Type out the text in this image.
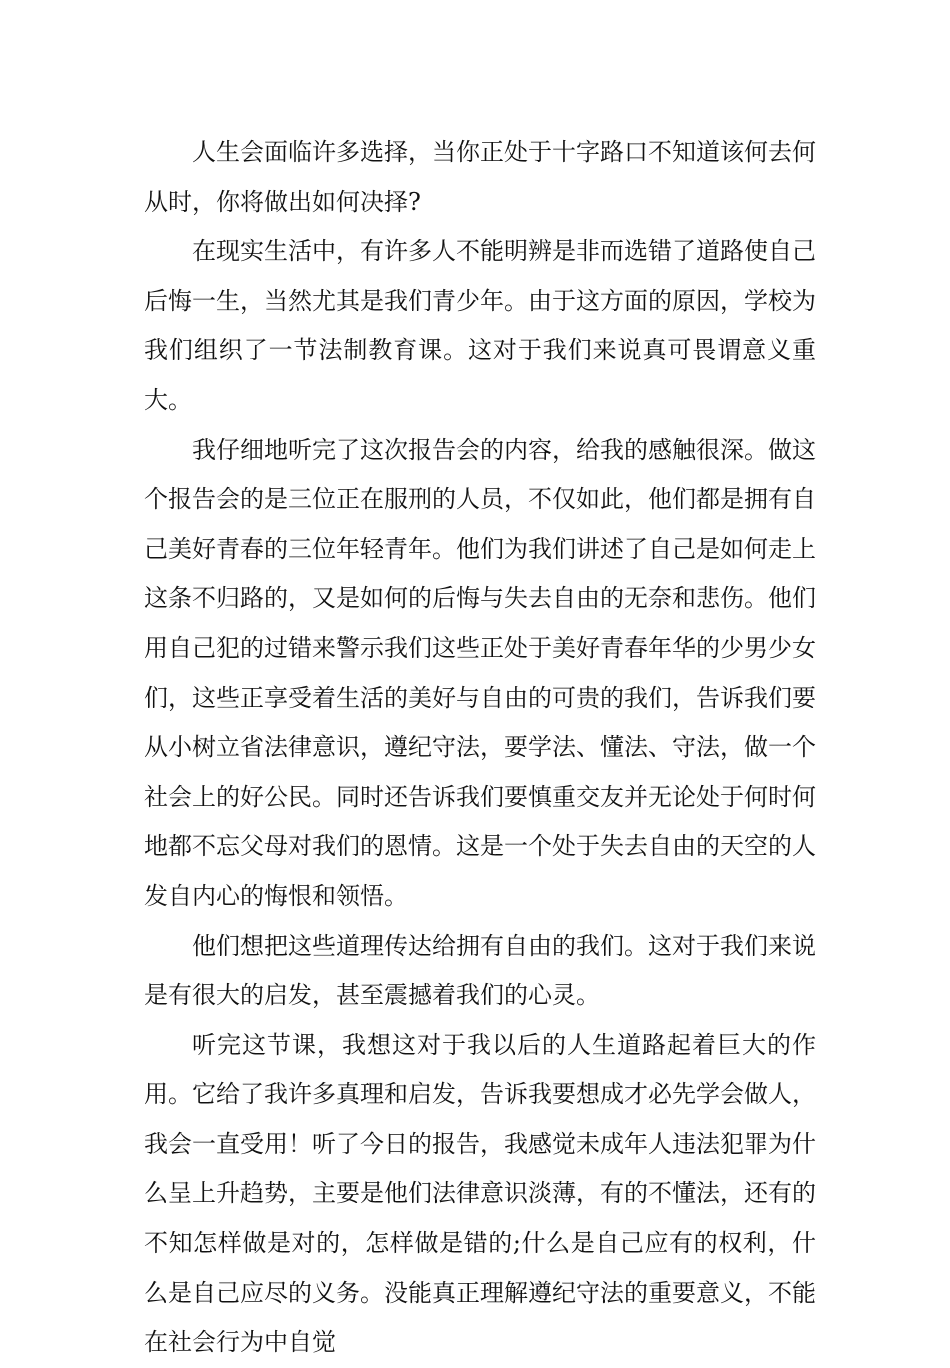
人生会面临许多选择，当你正处于十字路口不知道该何去何从时，你将做出如何决择?

在现实生活中，有许多人不能明辨是非而选错了道路使自己后悔一生，当然尤其是我们青少年。由于这方面的原因，学校为我们组织了一节法制教育课。这对于我们来说真可畏谓意义重大。

我仔细地听完了这次报告会的内容，给我的感触很深。做这个报告会的是三位正在服刑的人员，不仅如此，他们都是拥有自己美好青春的三位年轻青年。他们为我们讲述了自己是如何走上这条不归路的，又是如何的后悔与失去自由的无奈和悲伤。他们用自己犯的过错来警示我们这些正处于美好青春年华的少男少女们，这些正享受着生活的美好与自由的可贵的我们，告诉我们要从小树立省法律意识，遵纪守法，要学法、懂法、守法，做一个社会上的好公民。同时还告诉我们要慎重交友并无论处于何时何地都不忘父母对我们的恩情。这是一个处于失去自由的天空的人发自内心的悔恨和领悟。

他们想把这些道理传达给拥有自由的我们。这对于我们来说是有很大的启发，甚至震撼着我们的心灵。

听完这节课，我想这对于我以后的人生道路起着巨大的作用。它给了我许多真理和启发，告诉我要想成才必先学会做人，我会一直受用！听了今日的报告，我感觉未成年人违法犯罪为什么呈上升趋势，主要是他们法律意识淡薄，有的不懂法，还有的不知怎样做是对的，怎样做是错的;什么是自己应有的权利，什么是自己应尽的义务。没能真正理解遵纪守法的重要意义，不能在社会行为中自觉
